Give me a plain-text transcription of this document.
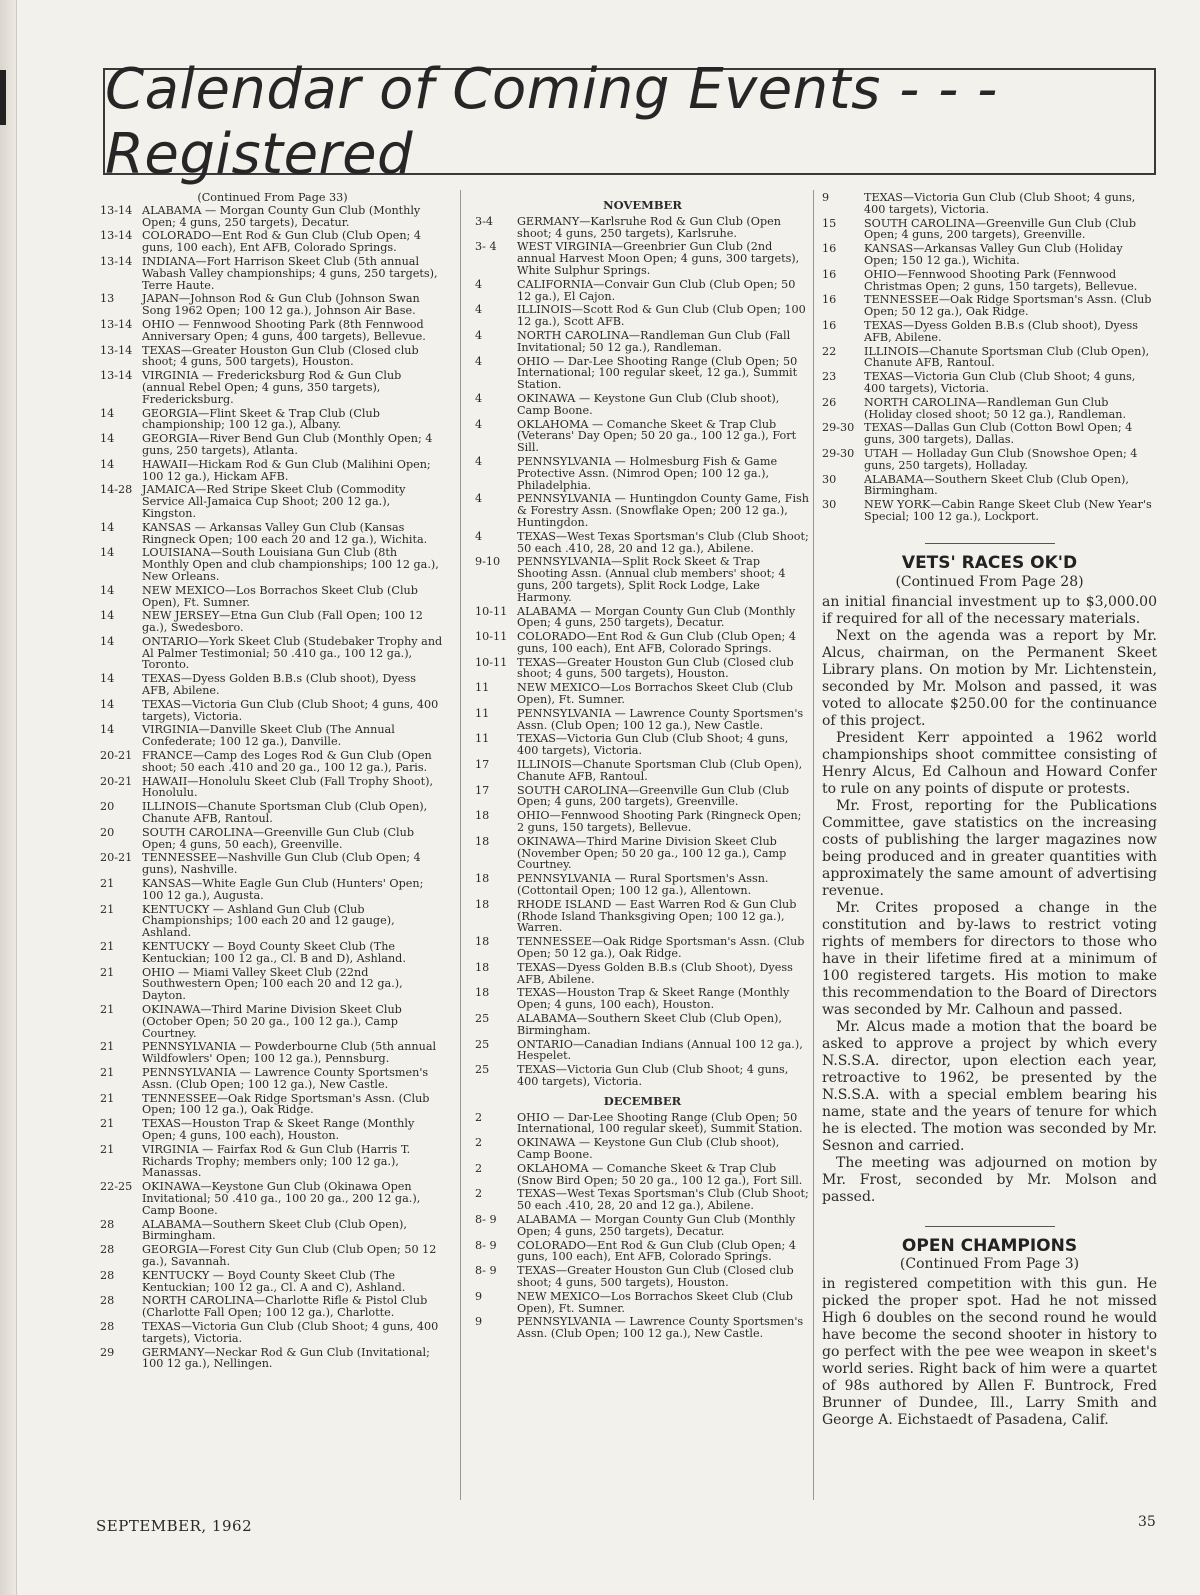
Calendar of Coming Events - - - Registered

(Continued From Page 33)

13-14 ALABAMA — Morgan County Gun Club (Monthly Open; 4 guns, 250 targets), Decatur.

13-14 COLORADO—Ent Rod & Gun Club (Club Open; 4 guns, 100 each), Ent AFB, Colorado Springs.

13-14 INDIANA—Fort Harrison Skeet Club (5th annual Wabash Valley championships; 4 guns, 250 targets), Terre Haute.

13 JAPAN—Johnson Rod & Gun Club (Johnson Swan Song 1962 Open; 100 12 ga.), Johnson Air Base.

13-14 OHIO — Fennwood Shooting Park (8th Fennwood Anniversary Open; 4 guns, 400 targets), Bellevue.

13-14 TEXAS—Greater Houston Gun Club (Closed club shoot; 4 guns, 500 targets), Houston.

13-14 VIRGINIA — Fredericksburg Rod & Gun Club (annual Rebel Open; 4 guns, 350 targets), Fredericksburg.

14 GEORGIA—Flint Skeet & Trap Club (Club championship; 100 12 ga.), Albany.

14 GEORGIA—River Bend Gun Club (Monthly Open; 4 guns, 250 targets), Atlanta.

14 HAWAII—Hickam Rod & Gun Club (Malihini Open; 100 12 ga.), Hickam AFB.

14-28 JAMAICA—Red Stripe Skeet Club (Commodity Service All-Jamaica Cup Shoot; 200 12 ga.), Kingston.

14 KANSAS — Arkansas Valley Gun Club (Kansas Ringneck Open; 100 each 20 and 12 ga.), Wichita.

14 LOUISIANA—South Louisiana Gun Club (8th Monthly Open and club championships; 100 12 ga.), New Orleans.

14 NEW MEXICO—Los Borrachos Skeet Club (Club Open), Ft. Sumner.

14 NEW JERSEY—Etna Gun Club (Fall Open; 100 12 ga.), Swedesboro.

14 ONTARIO—York Skeet Club (Studebaker Trophy and Al Palmer Testimonial; 50 .410 ga., 100 12 ga.), Toronto.

14 TEXAS—Dyess Golden B.B.s (Club shoot), Dyess AFB, Abilene.

14 TEXAS—Victoria Gun Club (Club Shoot; 4 guns, 400 targets), Victoria.

14 VIRGINIA—Danville Skeet Club (The Annual Confederate; 100 12 ga.), Danville.

20-21 FRANCE—Camp des Loges Rod & Gun Club (Open shoot; 50 each .410 and 20 ga., 100 12 ga.), Paris.

20-21 HAWAII—Honolulu Skeet Club (Fall Trophy Shoot), Honolulu.

20 ILLINOIS—Chanute Sportsman Club (Club Open), Chanute AFB, Rantoul.

20 SOUTH CAROLINA—Greenville Gun Club (Club Open; 4 guns, 50 each), Greenville.

20-21 TENNESSEE—Nashville Gun Club (Club Open; 4 guns), Nashville.

21 KANSAS—White Eagle Gun Club (Hunters' Open; 100 12 ga.), Augusta.

21 KENTUCKY — Ashland Gun Club (Club Championships; 100 each 20 and 12 gauge), Ashland.

21 KENTUCKY — Boyd County Skeet Club (The Kentuckian; 100 12 ga., Cl. B and D), Ashland.

21 OHIO — Miami Valley Skeet Club (22nd Southwestern Open; 100 each 20 and 12 ga.), Dayton.

21 OKINAWA—Third Marine Division Skeet Club (October Open; 50 20 ga., 100 12 ga.), Camp Courtney.

21 PENNSYLVANIA — Powderbourne Club (5th annual Wildfowlers' Open; 100 12 ga.), Pennsburg.

21 PENNSYLVANIA — Lawrence County Sportsmen's Assn. (Club Open; 100 12 ga.), New Castle.

21 TENNESSEE—Oak Ridge Sportsman's Assn. (Club Open; 100 12 ga.), Oak Ridge.

21 TEXAS—Houston Trap & Skeet Range (Monthly Open; 4 guns, 100 each), Houston.

21 VIRGINIA — Fairfax Rod & Gun Club (Harris T. Richards Trophy; members only; 100 12 ga.), Manassas.

22-25 OKINAWA—Keystone Gun Club (Okinawa Open Invitational; 50 .410 ga., 100 20 ga., 200 12 ga.), Camp Boone.

28 ALABAMA—Southern Skeet Club (Club Open), Birmingham.

28 GEORGIA—Forest City Gun Club (Club Open; 50 12 ga.), Savannah.

28 KENTUCKY — Boyd County Skeet Club (The Kentuckian; 100 12 ga., Cl. A and C), Ashland.

28 NORTH CAROLINA—Charlotte Rifle & Pistol Club (Charlotte Fall Open; 100 12 ga.), Charlotte.

28 TEXAS—Victoria Gun Club (Club Shoot; 4 guns, 400 targets), Victoria.

29 GERMANY—Neckar Rod & Gun Club (Invitational; 100 12 ga.), Nellingen.

NOVEMBER

3-4 GERMANY—Karlsruhe Rod & Gun Club (Open shoot; 4 guns, 250 targets), Karlsruhe.

3- 4 WEST VIRGINIA—Greenbrier Gun Club (2nd annual Harvest Moon Open; 4 guns, 300 targets), White Sulphur Springs.

4	CALIFORNIA—Convair Gun Club (Club Open; 50 12 ga.), El Cajon.

4	ILLINOIS—Scott Rod & Gun Club (Club Open; 100 12 ga.), Scott AFB.

4	NORTH CAROLINA—Randleman Gun Club (Fall Invitational; 50 12 ga.), Randleman.

4	OHIO — Dar-Lee Shooting Range (Club Open; 50 International; 100 regular skeet, 12 ga.), Summit Station.

4	OKINAWA — Keystone Gun Club (Club shoot), Camp Boone.

4	OKLAHOMA — Comanche Skeet & Trap Club (Veterans' Day Open; 50 20 ga., 100 12 ga.), Fort Sill.

4	PENNSYLVANIA — Holmesburg Fish & Game Protective Assn. (Nimrod Open; 100 12 ga.), Philadelphia.

4	PENNSYLVANIA — Huntingdon County Game, Fish & Forestry Assn. (Snowflake Open; 200 12 ga.), Huntingdon.

4	TEXAS—West Texas Sportsman's Club (Club Shoot; 50 each .410, 28, 20 and 12 ga.), Abilene.

9-10 PENNSYLVANIA—Split Rock Skeet & Trap Shooting Assn. (Annual club members' shoot; 4 guns, 200 targets), Split Rock Lodge, Lake Harmony.

10-11 ALABAMA — Morgan County Gun Club (Monthly Open; 4 guns, 250 targets), Decatur.

10-11 COLORADO—Ent Rod & Gun Club (Club Open; 4 guns, 100 each), Ent AFB, Colorado Springs.

10-11 TEXAS—Greater Houston Gun Club (Closed club shoot; 4 guns, 500 targets), Houston.

11 NEW MEXICO—Los Borrachos Skeet Club (Club Open), Ft. Sumner.

11 PENNSYLVANIA — Lawrence County Sportsmen's Assn. (Club Open; 100 12 ga.), New Castle.

11 TEXAS—Victoria Gun Club (Club Shoot; 4 guns, 400 targets), Victoria.

17 ILLINOIS—Chanute Sportsman Club (Club Open), Chanute AFB, Rantoul.

17 SOUTH CAROLINA—Greenville Gun Club (Club Open; 4 guns, 200 targets), Greenville.

18 OHIO—Fennwood Shooting Park (Ringneck Open; 2 guns, 150 targets), Bellevue.

18 OKINAWA—Third Marine Division Skeet Club (November Open; 50 20 ga., 100 12 ga.), Camp Courtney.

18 PENNSYLVANIA — Rural Sportsmen's Assn. (Cottontail Open; 100 12 ga.), Allentown.

18 RHODE ISLAND — East Warren Rod & Gun Club (Rhode Island Thanksgiving Open; 100 12 ga.), Warren.

18 TENNESSEE—Oak Ridge Sportsman's Assn. (Club Open; 50 12 ga.), Oak Ridge.

18 TEXAS—Dyess Golden B.B.s (Club Shoot), Dyess AFB, Abilene.

18 TEXAS—Houston Trap & Skeet Range (Monthly Open; 4 guns, 100 each), Houston.

25 ALABAMA—Southern Skeet Club (Club Open), Birmingham.

25 ONTARIO—Canadian Indians (Annual 100 12 ga.), Hespelet.

25 TEXAS—Victoria Gun Club (Club Shoot; 4 guns, 400 targets), Victoria.

DECEMBER

2	OHIO — Dar-Lee Shooting Range (Club Open; 50 International, 100 regular skeet), Summit Station.

2	OKINAWA — Keystone Gun Club (Club shoot), Camp Boone.

2	OKLAHOMA — Comanche Skeet & Trap Club (Snow Bird Open; 50 20 ga., 100 12 ga.), Fort Sill.

2	TEXAS—West Texas Sportsman's Club (Club Shoot; 50 each .410, 28, 20 and 12 ga.), Abilene.

8- 9 ALABAMA — Morgan County Gun Club (Monthly Open; 4 guns, 250 targets), Decatur.

8- 9 COLORADO—Ent Rod & Gun Club (Club Open; 4 guns, 100 each), Ent AFB, Colorado Springs.

8- 9 TEXAS—Greater Houston Gun Club (Closed club shoot; 4 guns, 500 targets), Houston.

9	NEW MEXICO—Los Borrachos Skeet Club (Club Open), Ft. Sumner.

9	PENNSYLVANIA — Lawrence County Sportsmen's Assn. (Club Open; 100 12 ga.), New Castle.

9	TEXAS—Victoria Gun Club (Club Shoot; 4 guns, 400 targets), Victoria.

15 SOUTH CAROLINA—Greenville Gun Club (Club Open; 4 guns, 200 targets), Greenville.

16 KANSAS—Arkansas Valley Gun Club (Holiday Open; 150 12 ga.), Wichita.

16 OHIO—Fennwood Shooting Park (Fennwood Christmas Open; 2 guns, 150 targets), Bellevue.

16 TENNESSEE—Oak Ridge Sportsman's Assn. (Club Open; 50 12 ga.), Oak Ridge.

16 TEXAS—Dyess Golden B.B.s (Club shoot), Dyess AFB, Abilene.

22 ILLINOIS—Chanute Sportsman Club (Club Open), Chanute AFB, Rantoul.

23 TEXAS—Victoria Gun Club (Club Shoot; 4 guns, 400 targets), Victoria.

26 NORTH CAROLINA—Randleman Gun Club (Holiday closed shoot; 50 12 ga.), Randleman.

29-30 TEXAS—Dallas Gun Club (Cotton Bowl Open; 4 guns, 300 targets), Dallas.

29-30 UTAH — Holladay Gun Club (Snowshoe Open; 4 guns, 250 targets), Holladay.

30 ALABAMA—Southern Skeet Club (Club Open), Birmingham.

30 NEW YORK—Cabin Range Skeet Club (New Year's Special; 100 12 ga.), Lockport.

VETS' RACES OK'D

(Continued From Page 28)

an initial financial investment up to $3,000.00 if required for all of the necessary materials.

Next on the agenda was a report by Mr. Alcus, chairman, on the Permanent Skeet Library plans. On motion by Mr. Lichtenstein, seconded by Mr. Molson and passed, it was voted to allocate $250.00 for the continuance of this project.

President Kerr appointed a 1962 world championships shoot committee consisting of Henry Alcus, Ed Calhoun and Howard Confer to rule on any points of dispute or protests.

Mr. Frost, reporting for the Publications Committee, gave statistics on the increasing costs of publishing the larger magazines now being produced and in greater quantities with approximately the same amount of advertising revenue.

Mr. Crites proposed a change in the constitution and by-laws to restrict voting rights of members for directors to those who have in their lifetime fired at a minimum of 100 registered targets. His motion to make this recommendation to the Board of Directors was seconded by Mr. Calhoun and passed.

Mr. Alcus made a motion that the board be asked to approve a project by which every N.S.S.A. director, upon election each year, retroactive to 1962, be presented by the N.S.S.A. with a special emblem bearing his name, state and the years of tenure for which he is elected. The motion was seconded by Mr. Sesnon and carried.

The meeting was adjourned on motion by Mr. Frost, seconded by Mr. Molson and passed.

OPEN CHAMPIONS

(Continued From Page 3)

in registered competition with this gun. He picked the proper spot. Had he not missed High 6 doubles on the second round he would have become the second shooter in history to go perfect with the pee wee weapon in skeet's world series. Right back of him were a quartet of 98s authored by Allen F. Buntrock, Fred Brunner of Dundee, Ill., Larry Smith and George A. Eichstaedt of Pasadena, Calif.

SEPTEMBER, 1962	35
